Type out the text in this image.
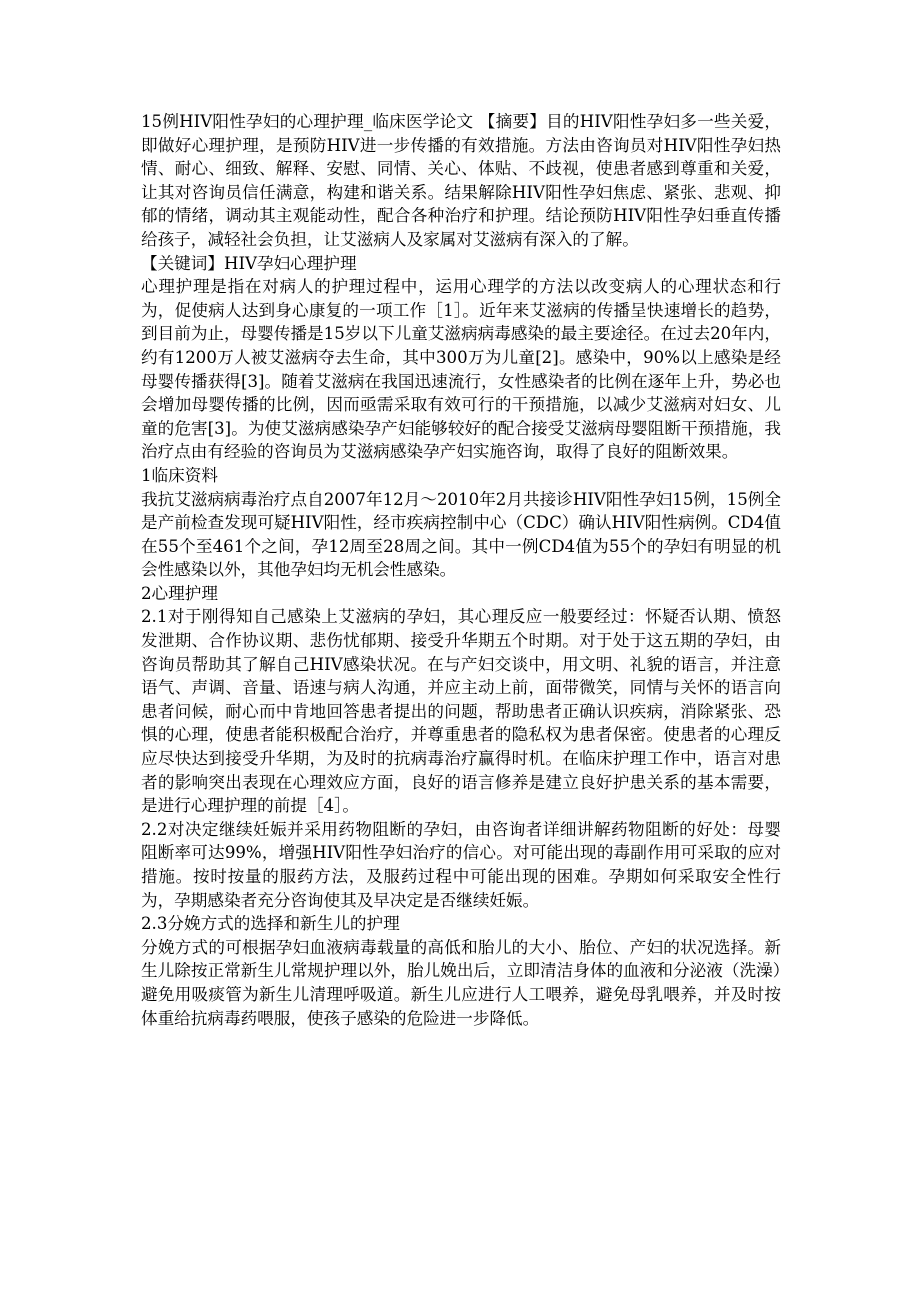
15例HIV阳性孕妇的心理护理_临床医学论文 【摘要】目的HIV阳性孕妇多一些关爱，即做好心理护理，是预防HIV进一步传播的有效措施。方法由咨询员对HIV阳性孕妇热情、耐心、细致、解释、安慰、同情、关心、体贴、不歧视，使患者感到尊重和关爱，让其对咨询员信任满意，构建和谐关系。结果解除HIV阳性孕妇焦虑、紧张、悲观、抑郁的情绪，调动其主观能动性，配合各种治疗和护理。结论预防HIV阳性孕妇垂直传播给孩子，减轻社会负担，让艾滋病人及家属对艾滋病有深入的了解。

【关键词】HIV孕妇心理护理

心理护理是指在对病人的护理过程中，运用心理学的方法以改变病人的心理状态和行为，促使病人达到身心康复的一项工作［1］。近年来艾滋病的传播呈快速增长的趋势，到目前为止，母婴传播是15岁以下儿童艾滋病病毒感染的最主要途径。在过去20年内，约有1200万人被艾滋病夺去生命，其中300万为儿童[2]。感染中，90%以上感染是经母婴传播获得[3]。随着艾滋病在我国迅速流行，女性感染者的比例在逐年上升，势必也会增加母婴传播的比例，因而亟需采取有效可行的干预措施，以减少艾滋病对妇女、儿童的危害[3]。为使艾滋病感染孕产妇能够较好的配合接受艾滋病母婴阻断干预措施，我治疗点由有经验的咨询员为艾滋病感染孕产妇实施咨询，取得了良好的阻断效果。

1临床资料

我抗艾滋病病毒治疗点自2007年12月～2010年2月共接诊HIV阳性孕妇15例，15例全是产前检查发现可疑HIV阳性，经市疾病控制中心（CDC）确认HIV阳性病例。CD4值在55个至461个之间，孕12周至28周之间。其中一例CD4值为55个的孕妇有明显的机会性感染以外，其他孕妇均无机会性感染。

2心理护理

2.1对于刚得知自己感染上艾滋病的孕妇，其心理反应一般要经过：怀疑否认期、愤怒发泄期、合作协议期、悲伤忧郁期、接受升华期五个时期。对于处于这五期的孕妇，由咨询员帮助其了解自己HIV感染状况。在与产妇交谈中，用文明、礼貌的语言，并注意语气、声调、音量、语速与病人沟通，并应主动上前，面带微笑，同情与关怀的语言向患者问候，耐心而中肯地回答患者提出的问题，帮助患者正确认识疾病，消除紧张、恐惧的心理，使患者能积极配合治疗，并尊重患者的隐私权为患者保密。使患者的心理反应尽快达到接受升华期，为及时的抗病毒治疗赢得时机。在临床护理工作中，语言对患者的影响突出表现在心理效应方面，良好的语言修养是建立良好护患关系的基本需要，是进行心理护理的前提［4］。

2.2对决定继续妊娠并采用药物阻断的孕妇，由咨询者详细讲解药物阻断的好处：母婴阻断率可达99%，增强HIV阳性孕妇治疗的信心。对可能出现的毒副作用可采取的应对措施。按时按量的服药方法，及服药过程中可能出现的困难。孕期如何采取安全性行为，孕期感染者充分咨询使其及早决定是否继续妊娠。

2.3分娩方式的选择和新生儿的护理

分娩方式的可根据孕妇血液病毒载量的高低和胎儿的大小、胎位、产妇的状况选择。新生儿除按正常新生儿常规护理以外，胎儿娩出后，立即清洁身体的血液和分泌液（洗澡）避免用吸痰管为新生儿清理呼吸道。新生儿应进行人工喂养，避免母乳喂养，并及时按体重给抗病毒药喂服，使孩子感染的危险进一步降低。
